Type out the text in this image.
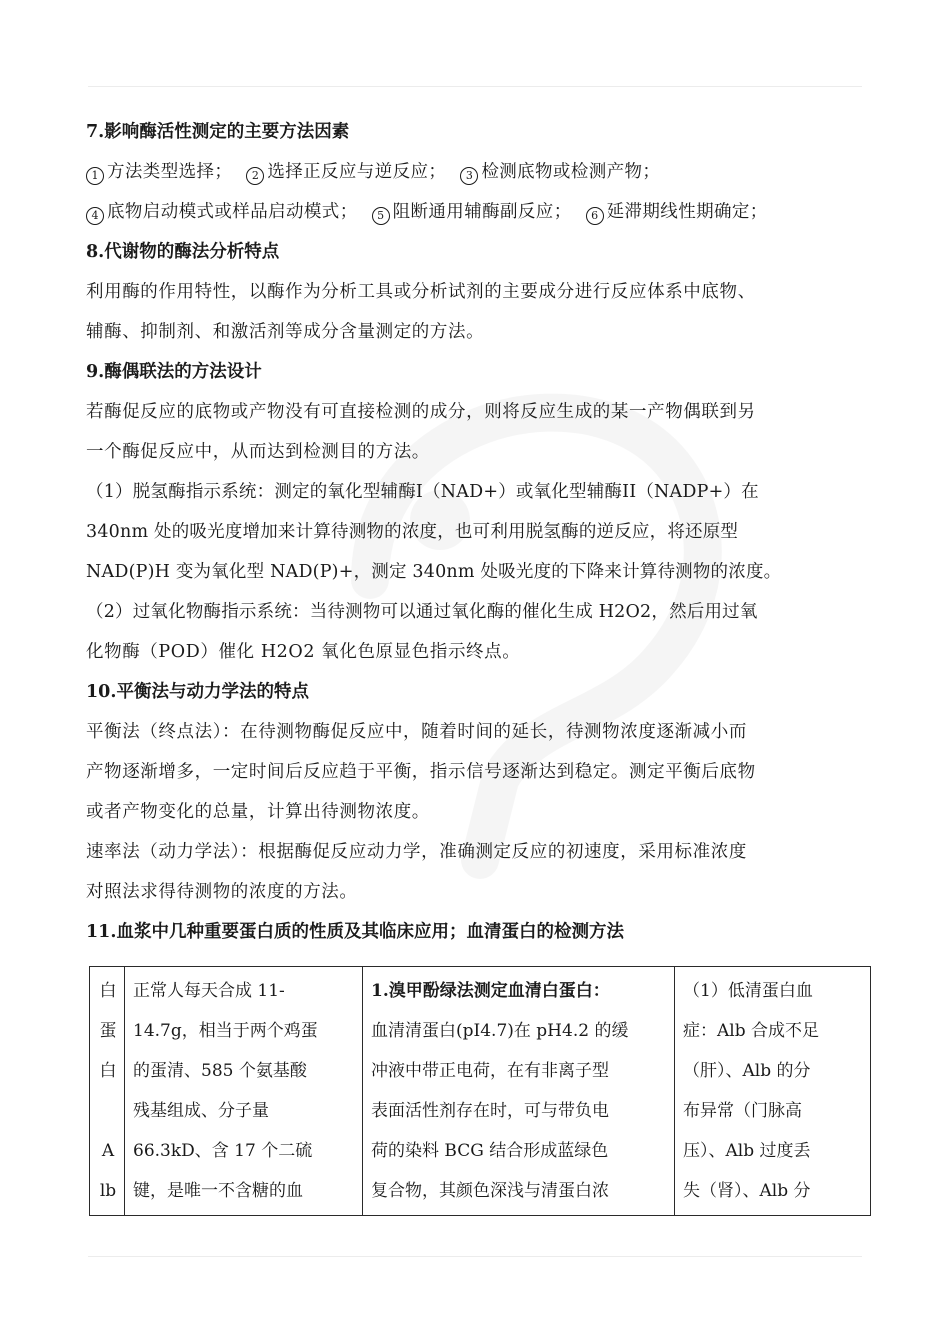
7.影响酶活性测定的主要方法因素
1 方法类型选择； 2 选择正反应与逆反应； 3 检测底物或检测产物；
4 底物启动模式或样品启动模式； 5 阻断通用辅酶副反应； 6 延滞期线性期确定；
8.代谢物的酶法分析特点
利用酶的作用特性，以酶作为分析工具或分析试剂的主要成分进行反应体系中底物、
辅酶、抑制剂、和激活剂等成分含量测定的方法。
9.酶偶联法的方法设计
若酶促反应的底物或产物没有可直接检测的成分，则将反应生成的某一产物偶联到另
一个酶促反应中，从而达到检测目的方法。
（1）脱氢酶指示系统：测定的氧化型辅酶I（NAD+）或氧化型辅酶II（NADP+）在
340nm 处的吸光度增加来计算待测物的浓度，也可利用脱氢酶的逆反应，将还原型
NAD(P)H 变为氧化型 NAD(P)+，测定 340nm 处吸光度的下降来计算待测物的浓度。
（2）过氧化物酶指示系统：当待测物可以通过氧化酶的催化生成 H2O2，然后用过氧
化物酶（POD）催化 H2O2 氧化色原显色指示终点。
10.平衡法与动力学法的特点
平衡法（终点法）：在待测物酶促反应中，随着时间的延长，待测物浓度逐渐减小而
产物逐渐增多，一定时间后反应趋于平衡，指示信号逐渐达到稳定。测定平衡后底物
或者产物变化的总量，计算出待测物浓度。
速率法（动力学法）：根据酶促反应动力学，准确测定反应的初速度，采用标准浓度
对照法求得待测物的浓度的方法。
11.血浆中几种重要蛋白质的性质及其临床应用；血清蛋白的检测方法
白
蛋
白
A
lb

正常人每天合成 11-
14.7g，相当于两个鸡蛋
的蛋清、585 个氨基酸
残基组成、分子量
66.3kD、含 17 个二硫
键，是唯一不含糖的血

1.溴甲酚绿法测定血清白蛋白：
血清清蛋白(pI4.7)在 pH4.2 的缓
冲液中带正电荷，在有非离子型
表面活性剂存在时，可与带负电
荷的染料 BCG 结合形成蓝绿色
复合物，其颜色深浅与清蛋白浓

（1）低清蛋白血
症：Alb 合成不足
（肝）、Alb 的分
布异常（门脉高
压）、Alb 过度丢
失（肾）、Alb 分
